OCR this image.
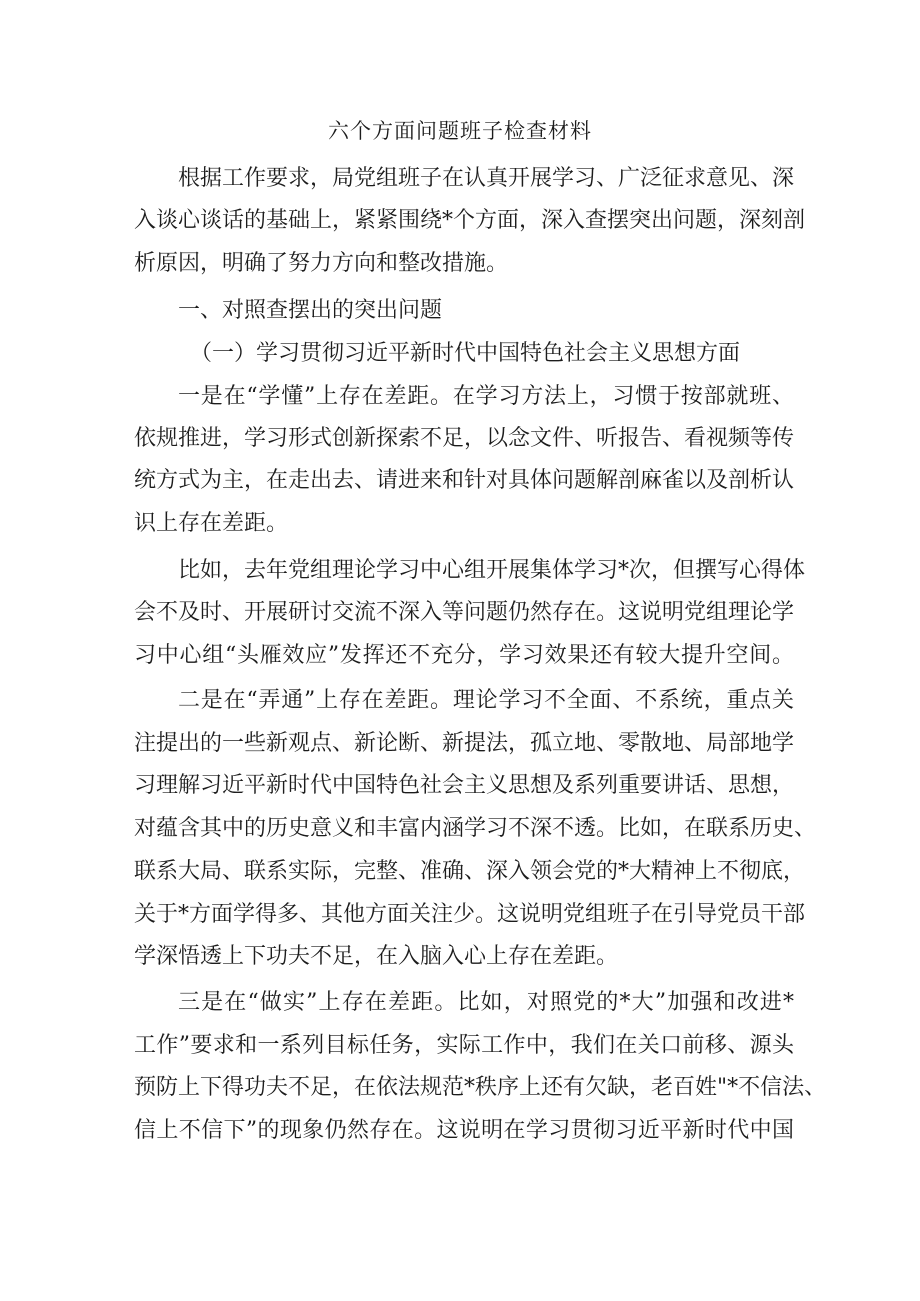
六个方面问题班子检查材料

根据工作要求，局党组班子在认真开展学习、广泛征求意见、深

入谈心谈话的基础上，紧紧围绕*个方面，深入查摆突出问题，深刻剖

析原因，明确了努力方向和整改措施。

一、对照查摆出的突出问题

（一）学习贯彻习近平新时代中国特色社会主义思想方面

一是在“学懂”上存在差距。在学习方法上，习惯于按部就班、

依规推进，学习形式创新探索不足，以念文件、听报告、看视频等传

统方式为主，在走出去、请进来和针对具体问题解剖麻雀以及剖析认

识上存在差距。

比如，去年党组理论学习中心组开展集体学习*次，但撰写心得体

会不及时、开展研讨交流不深入等问题仍然存在。这说明党组理论学

习中心组“头雁效应”发挥还不充分，学习效果还有较大提升空间。

二是在“弄通”上存在差距。理论学习不全面、不系统，重点关

注提出的一些新观点、新论断、新提法，孤立地、零散地、局部地学

习理解习近平新时代中国特色社会主义思想及系列重要讲话、思想，

对蕴含其中的历史意义和丰富内涵学习不深不透。比如，在联系历史、

联系大局、联系实际，完整、准确、深入领会党的*大精神上不彻底，

关于*方面学得多、其他方面关注少。这说明党组班子在引导党员干部

学深悟透上下功夫不足，在入脑入心上存在差距。

三是在“做实”上存在差距。比如，对照党的*大”加强和改进*

工作”要求和一系列目标任务，实际工作中，我们在关口前移、源头

预防上下得功夫不足，在依法规范*秩序上还有欠缺，老百姓"*不信法、

信上不信下”的现象仍然存在。这说明在学习贯彻习近平新时代中国
